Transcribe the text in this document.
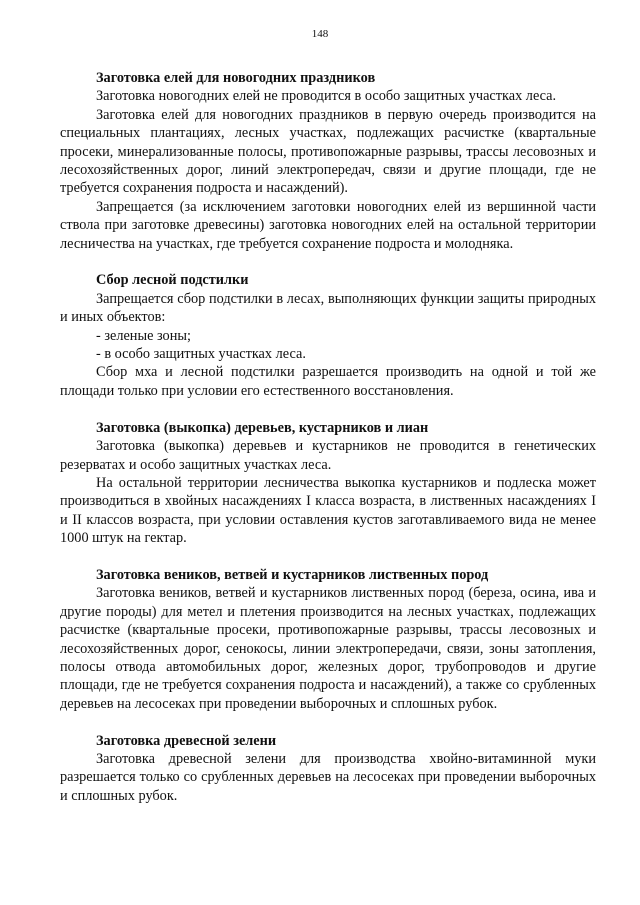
148

Заготовка елей для новогодних праздников

Заготовка новогодних елей не проводится в особо защитных участках леса.

Заготовка елей для новогодних праздников в первую очередь производится на специальных плантациях, лесных участках, подлежащих расчистке (квартальные просеки, минерализованные полосы, противопожарные разрывы, трассы лесовозных и лесохозяйственных дорог, линий электропередач, связи и другие площади, где не требуется сохранения подроста и насаждений).

Запрещается (за исключением заготовки новогодних елей из вершинной части ствола при заготовке древесины) заготовка новогодних елей на остальной территории лесничества на участках, где требуется сохранение подроста и молодняка.

Сбор лесной подстилки

Запрещается сбор подстилки в лесах, выполняющих функции защиты природных и иных объектов:

- зеленые зоны;

- в особо защитных участках леса.

Сбор мха и лесной подстилки разрешается производить на одной и той же площади только при условии его естественного восстановления.

Заготовка (выкопка) деревьев, кустарников и лиан

Заготовка (выкопка) деревьев и кустарников не проводится в генетических резерватах и особо защитных участках леса.

На остальной территории лесничества выкопка кустарников и подлеска может производиться в хвойных насаждениях I класса возраста, в лиственных насаждениях I и II классов возраста, при условии оставления кустов заготавливаемого вида не менее 1000 штук на гектар.

Заготовка веников, ветвей и кустарников лиственных пород

Заготовка веников, ветвей и кустарников лиственных пород (береза, осина, ива и другие породы) для метел и плетения производится на лесных участках, подлежащих расчистке (квартальные просеки, противопожарные разрывы, трассы лесовозных и лесохозяйственных дорог, сенокосы, линии электропередачи, связи, зоны затопления, полосы отвода автомобильных дорог, железных дорог, трубопроводов и другие площади, где не требуется сохранения подроста и насаждений), а также со срубленных деревьев на лесосеках при проведении выборочных и сплошных рубок.

Заготовка древесной зелени

Заготовка древесной зелени для производства хвойно-витаминной муки разрешается только со срубленных деревьев на лесосеках при проведении выборочных и сплошных рубок.
